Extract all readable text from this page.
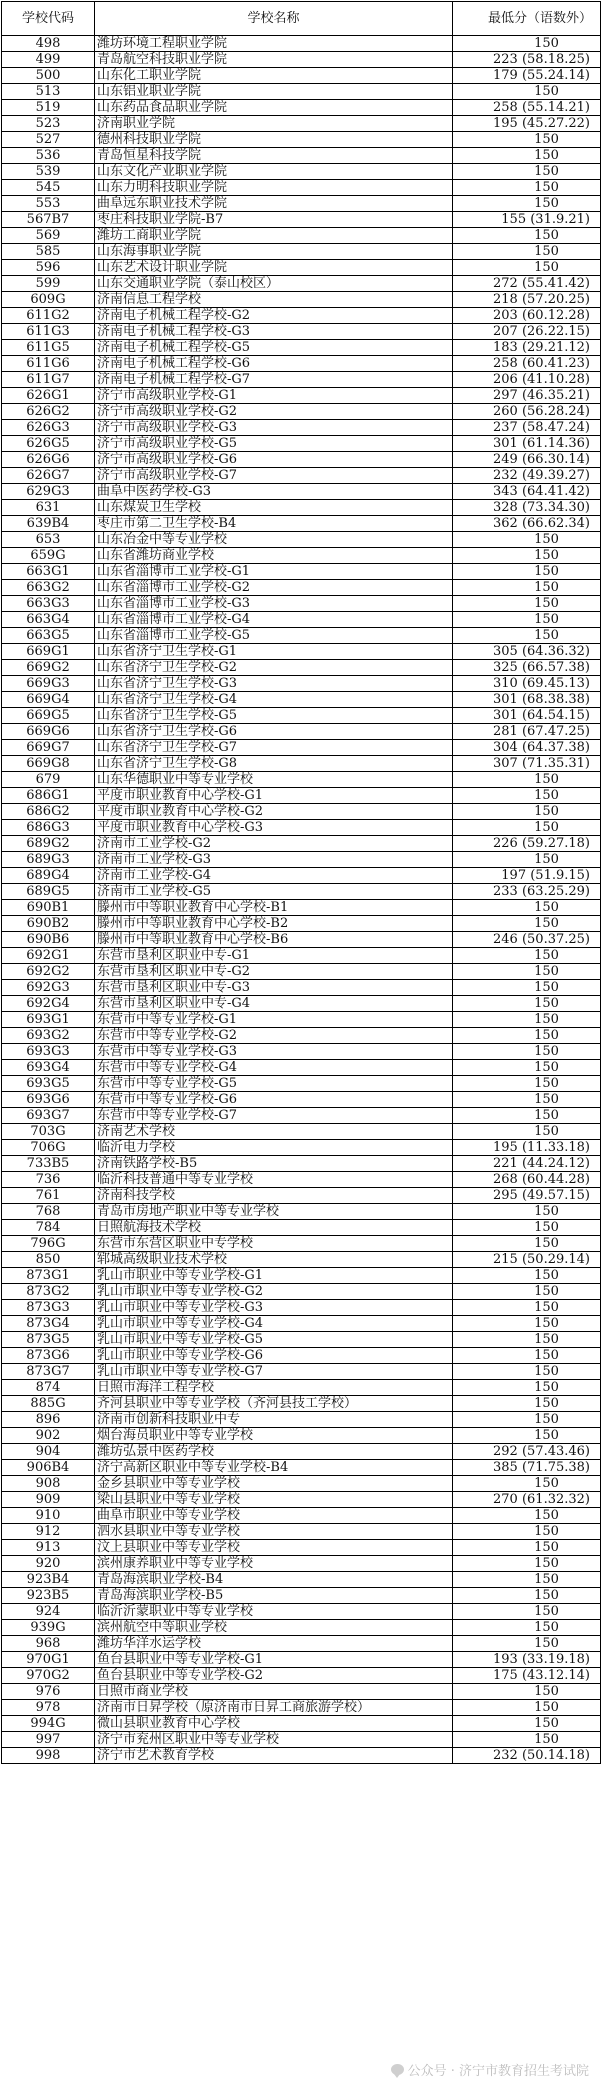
学校代码	学校名称	最低分（语数外）
498	潍坊环境工程职业学院	150
499	青岛航空科技职业学院	223 (58.18.25)
500	山东化工职业学院	179 (55.24.14)
513	山东铝业职业学院	150
519	山东药品食品职业学院	258 (55.14.21)
523	济南职业学院	195 (45.27.22)
527	德州科技职业学院	150
536	青岛恒星科技学院	150
539	山东文化产业职业学院	150
545	山东力明科技职业学院	150
553	曲阜远东职业技术学院	150
567B7	枣庄科技职业学院-B7	155 (31.9.21)
569	潍坊工商职业学院	150
585	山东海事职业学院	150
596	山东艺术设计职业学院	150
599	山东交通职业学院（泰山校区）	272 (55.41.42)
609G	济南信息工程学校	218 (57.20.25)
611G2	济南电子机械工程学校-G2	203 (60.12.28)
611G3	济南电子机械工程学校-G3	207 (26.22.15)
611G5	济南电子机械工程学校-G5	183 (29.21.12)
611G6	济南电子机械工程学校-G6	258 (60.41.23)
611G7	济南电子机械工程学校-G7	206 (41.10.28)
626G1	济宁市高级职业学校-G1	297 (46.35.21)
626G2	济宁市高级职业学校-G2	260 (56.28.24)
626G3	济宁市高级职业学校-G3	237 (58.47.24)
626G5	济宁市高级职业学校-G5	301 (61.14.36)
626G6	济宁市高级职业学校-G6	249 (66.30.14)
626G7	济宁市高级职业学校-G7	232 (49.39.27)
629G3	曲阜中医药学校-G3	343 (64.41.42)
631	山东煤炭卫生学校	328 (73.34.30)
639B4	枣庄市第二卫生学校-B4	362 (66.62.34)
653	山东冶金中等专业学校	150
659G	山东省潍坊商业学校	150
663G1	山东省淄博市工业学校-G1	150
663G2	山东省淄博市工业学校-G2	150
663G3	山东省淄博市工业学校-G3	150
663G4	山东省淄博市工业学校-G4	150
663G5	山东省淄博市工业学校-G5	150
669G1	山东省济宁卫生学校-G1	305 (64.36.32)
669G2	山东省济宁卫生学校-G2	325 (66.57.38)
669G3	山东省济宁卫生学校-G3	310 (69.45.13)
669G4	山东省济宁卫生学校-G4	301 (68.38.38)
669G5	山东省济宁卫生学校-G5	301 (64.54.15)
669G6	山东省济宁卫生学校-G6	281 (67.47.25)
669G7	山东省济宁卫生学校-G7	304 (64.37.38)
669G8	山东省济宁卫生学校-G8	307 (71.35.31)
679	山东华德职业中等专业学校	150
686G1	平度市职业教育中心学校-G1	150
686G2	平度市职业教育中心学校-G2	150
686G3	平度市职业教育中心学校-G3	150
689G2	济南市工业学校-G2	226 (59.27.18)
689G3	济南市工业学校-G3	150
689G4	济南市工业学校-G4	197 (51.9.15)
689G5	济南市工业学校-G5	233 (63.25.29)
690B1	滕州市中等职业教育中心学校-B1	150
690B2	滕州市中等职业教育中心学校-B2	150
690B6	滕州市中等职业教育中心学校-B6	246 (50.37.25)
692G1	东营市垦利区职业中专-G1	150
692G2	东营市垦利区职业中专-G2	150
692G3	东营市垦利区职业中专-G3	150
692G4	东营市垦利区职业中专-G4	150
693G1	东营市中等专业学校-G1	150
693G2	东营市中等专业学校-G2	150
693G3	东营市中等专业学校-G3	150
693G4	东营市中等专业学校-G4	150
693G5	东营市中等专业学校-G5	150
693G6	东营市中等专业学校-G6	150
693G7	东营市中等专业学校-G7	150
703G	济南艺术学校	150
706G	临沂电力学校	195 (11.33.18)
733B5	济南铁路学校-B5	221 (44.24.12)
736	临沂科技普通中等专业学校	268 (60.44.28)
761	济南科技学校	295 (49.57.15)
768	青岛市房地产职业中等专业学校	150
784	日照航海技术学校	150
796G	东营市东营区职业中专学校	150
850	郓城高级职业技术学校	215 (50.29.14)
873G1	乳山市职业中等专业学校-G1	150
873G2	乳山市职业中等专业学校-G2	150
873G3	乳山市职业中等专业学校-G3	150
873G4	乳山市职业中等专业学校-G4	150
873G5	乳山市职业中等专业学校-G5	150
873G6	乳山市职业中等专业学校-G6	150
873G7	乳山市职业中等专业学校-G7	150
874	日照市海洋工程学校	150
885G	齐河县职业中等专业学校（齐河县技工学校）	150
896	济南市创新科技职业中专	150
902	烟台海员职业中等专业学校	150
904	潍坊弘景中医药学校	292 (57.43.46)
906B4	济宁高新区职业中等专业学校-B4	385 (71.75.38)
908	金乡县职业中等专业学校	150
909	梁山县职业中等专业学校	270 (61.32.32)
910	曲阜市职业中等专业学校	150
912	泗水县职业中等专业学校	150
913	汶上县职业中等专业学校	150
920	滨州康养职业中等专业学校	150
923B4	青岛海滨职业学校-B4	150
923B5	青岛海滨职业学校-B5	150
924	临沂沂蒙职业中等专业学校	150
939G	滨州航空中等职业学校	150
968	潍坊华洋水运学校	150
970G1	鱼台县职业中等专业学校-G1	193 (33.19.18)
970G2	鱼台县职业中等专业学校-G2	175 (43.12.14)
976	日照市商业学校	150
978	济南市日昇学校（原济南市日昇工商旅游学校）	150
994G	微山县职业教育中心学校	150
997	济宁市兖州区职业中等专业学校	150
998	济宁市艺术教育学校	232 (50.14.18)
公众号 · 济宁市教育招生考试院
